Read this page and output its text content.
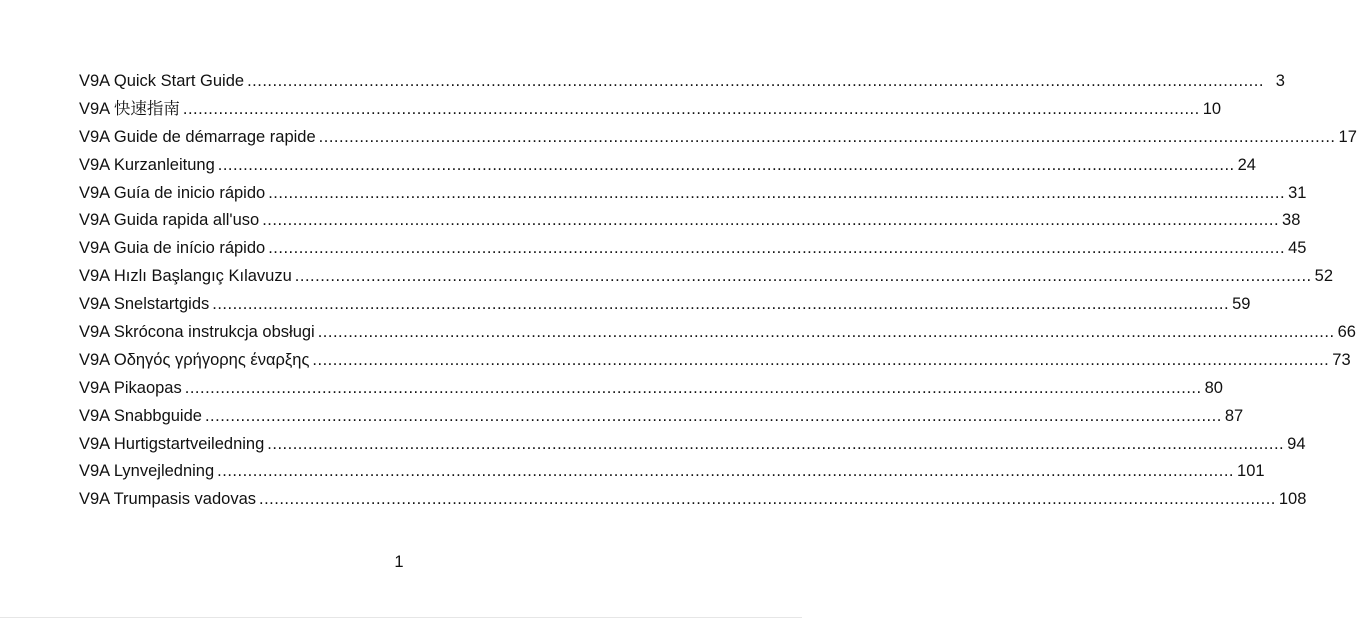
V9A Quick Start Guide ........................................................................................................................................................................................................ 3
V9A 快速指南 ........................................................................................................................................................................................................ 10
V9A Guide de démarrage rapide ........................................................................................................................................................................................................ 17
V9A Kurzanleitung ........................................................................................................................................................................................................ 24
V9A Guía de inicio rápido ........................................................................................................................................................................................................ 31
V9A Guida rapida all'uso ........................................................................................................................................................................................................ 38
V9A Guia de início rápido ........................................................................................................................................................................................................ 45
V9A Hızlı Başlangıç Kılavuzu ........................................................................................................................................................................................................ 52
V9A Snelstartgids ........................................................................................................................................................................................................ 59
V9A Skrócona instrukcja obsługi ........................................................................................................................................................................................................ 66
V9A Οδηγός γρήγορης έναρξης ........................................................................................................................................................................................................ 73
V9A Pikaopas ........................................................................................................................................................................................................ 80
V9A Snabbguide ........................................................................................................................................................................................................ 87
V9A Hurtigstartveiledning ........................................................................................................................................................................................................ 94
V9A Lynvejledning ........................................................................................................................................................................................................ 101
V9A Trumpasis vadovas ........................................................................................................................................................................................................ 108
1
